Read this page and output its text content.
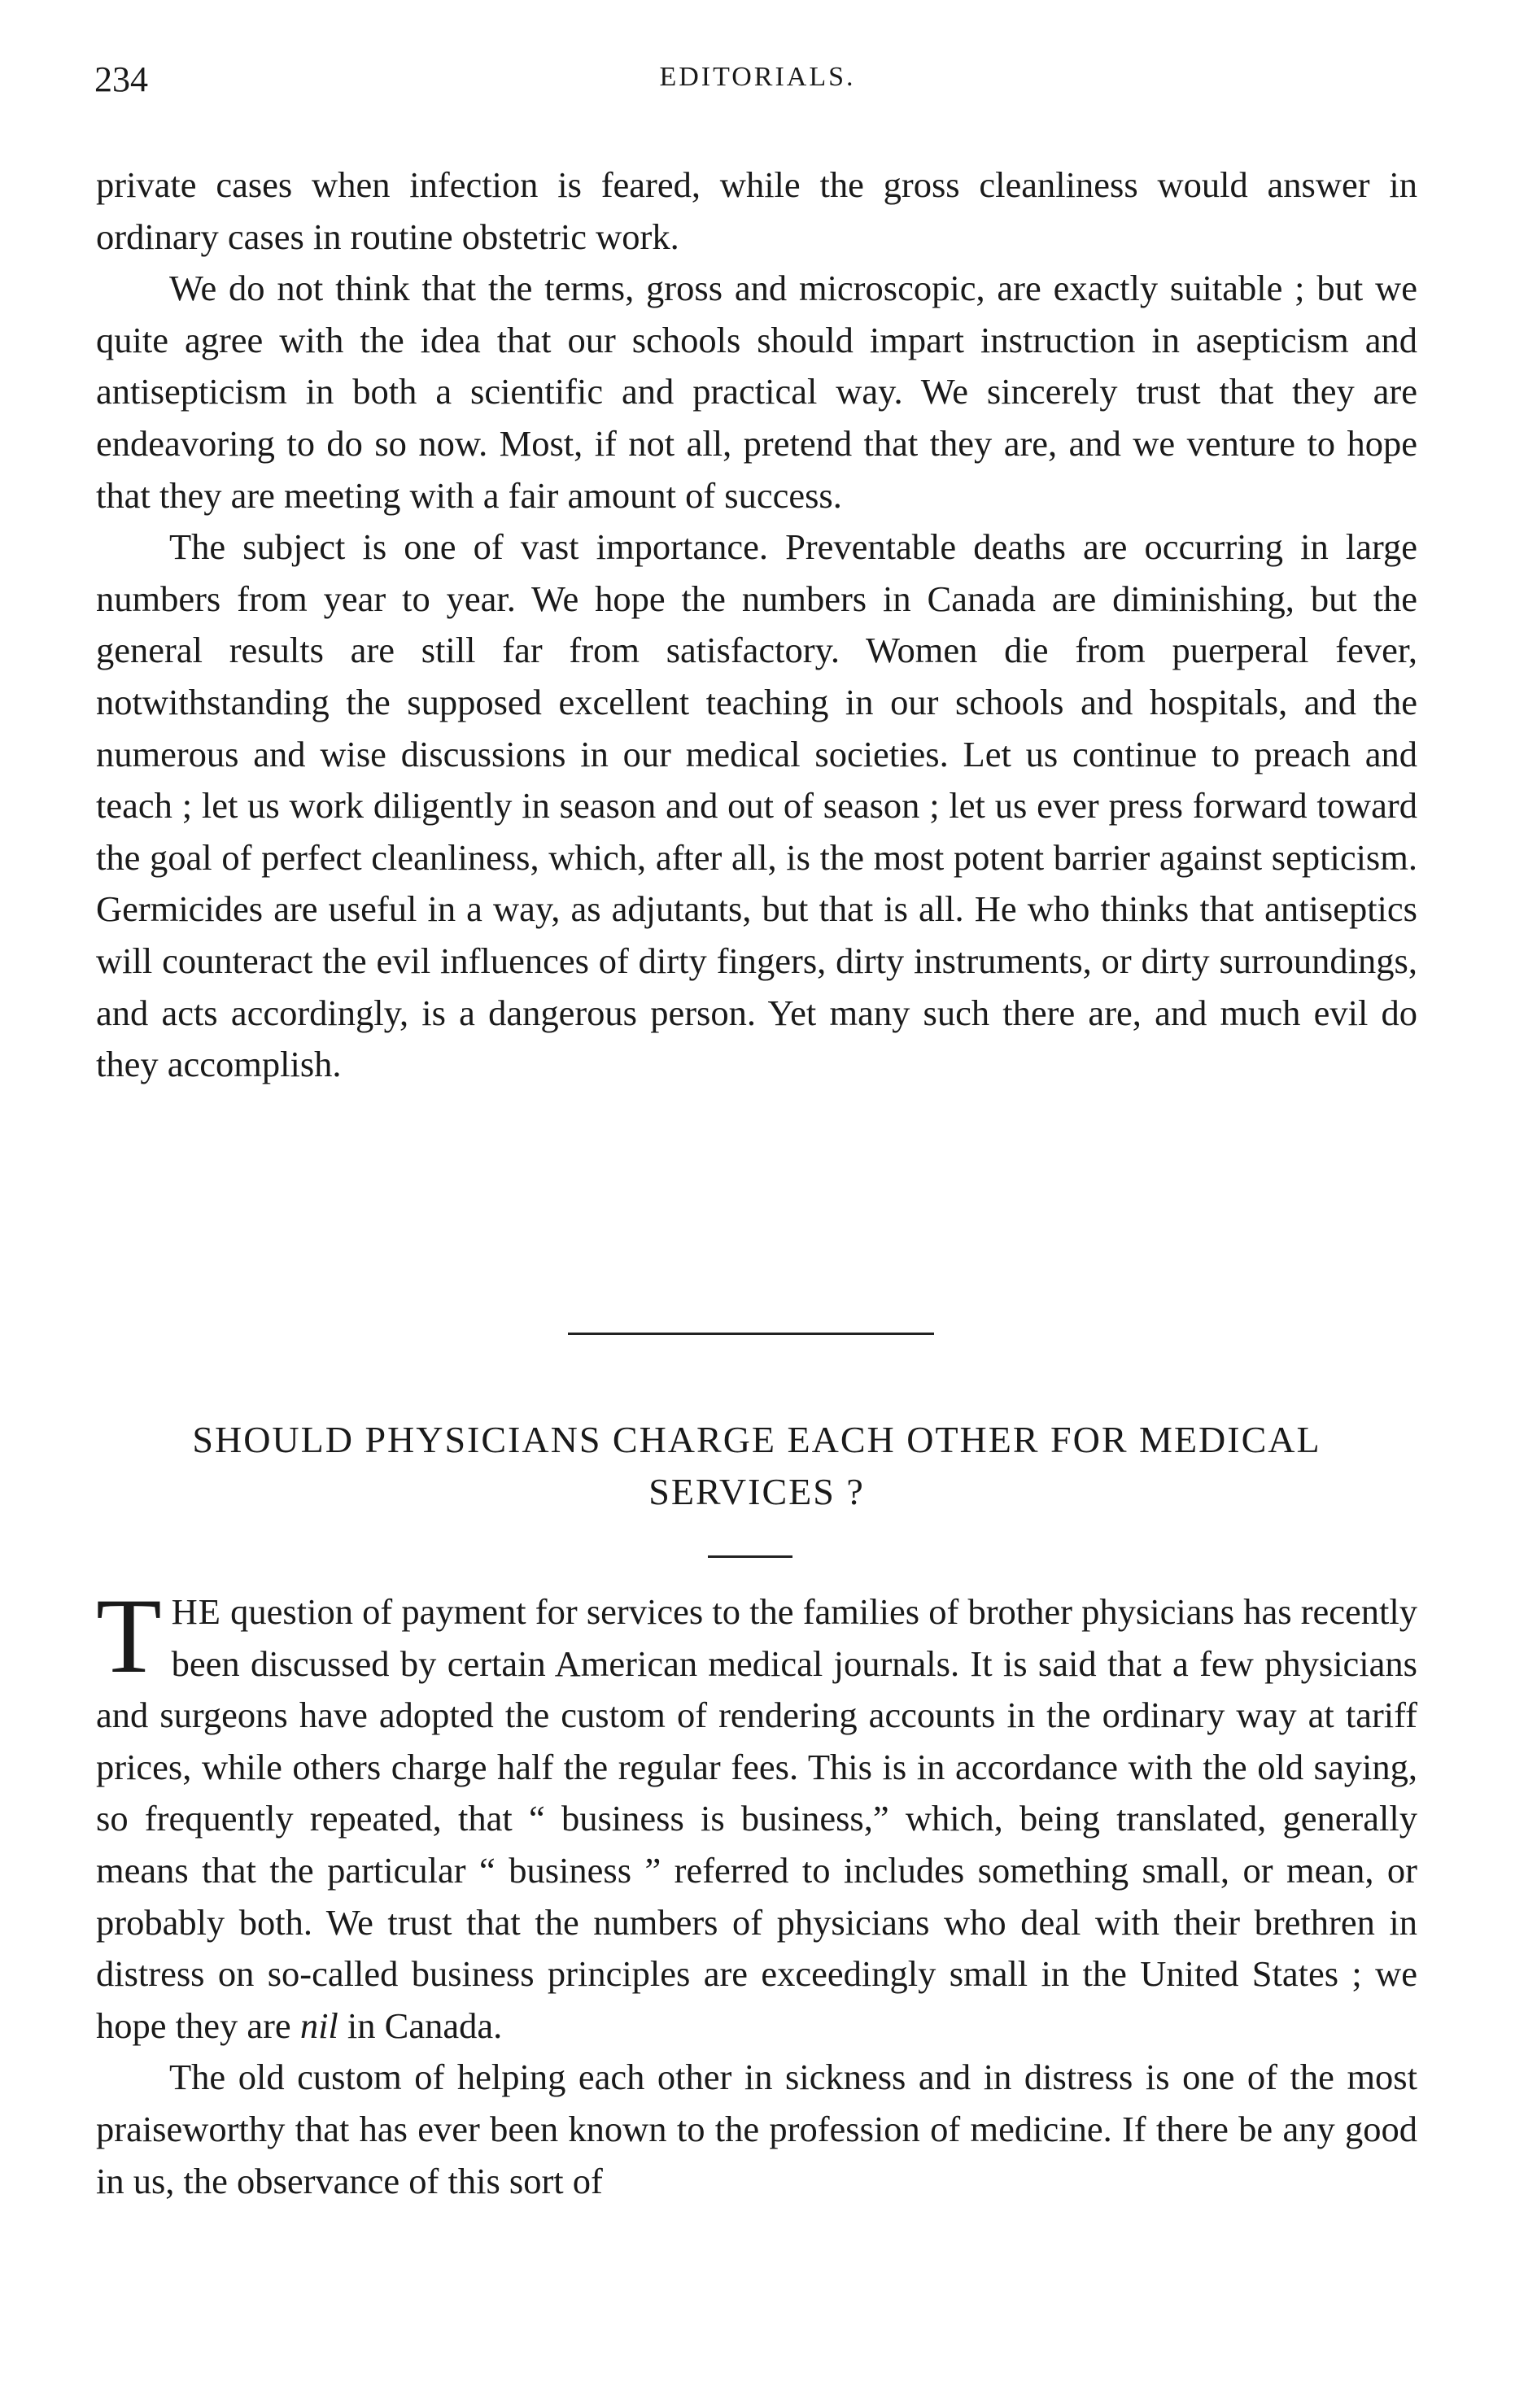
234	EDITORIALS.

private cases when infection is feared, while the gross cleanliness would answer in ordinary cases in routine obstetric work.

We do not think that the terms, gross and microscopic, are exactly suitable ; but we quite agree with the idea that our schools should impart instruction in asepticism and antisepticism in both a scientific and practical way. We sincerely trust that they are endeavoring to do so now. Most, if not all, pretend that they are, and we venture to hope that they are meeting with a fair amount of success.

The subject is one of vast importance. Preventable deaths are occurring in large numbers from year to year. We hope the numbers in Canada are diminishing, but the general results are still far from satisfactory. Women die from puerperal fever, notwithstanding the supposed excellent teaching in our schools and hospitals, and the numerous and wise discussions in our medical societies. Let us continue to preach and teach ; let us work diligently in season and out of season ; let us ever press forward toward the goal of perfect cleanliness, which, after all, is the most potent barrier against septicism. Germicides are useful in a way, as adjutants, but that is all. He who thinks that antiseptics will counteract the evil influences of dirty fingers, dirty instruments, or dirty surroundings, and acts accordingly, is a dangerous person. Yet many such there are, and much evil do they accomplish.

SHOULD PHYSICIANS CHARGE EACH OTHER FOR MEDICAL SERVICES ?

THE question of payment for services to the families of brother physicians has recently been discussed by certain American medical journals. It is said that a few physicians and surgeons have adopted the custom of rendering accounts in the ordinary way at tariff prices, while others charge half the regular fees. This is in accordance with the old saying, so frequently repeated, that “ business is business,” which, being translated, generally means that the particular “ business ” referred to includes something small, or mean, or probably both. We trust that the numbers of physicians who deal with their brethren in distress on so-called business principles are exceedingly small in the United States ; we hope they are nil in Canada.

The old custom of helping each other in sickness and in distress is one of the most praiseworthy that has ever been known to the profession of medicine. If there be any good in us, the observance of this sort of
